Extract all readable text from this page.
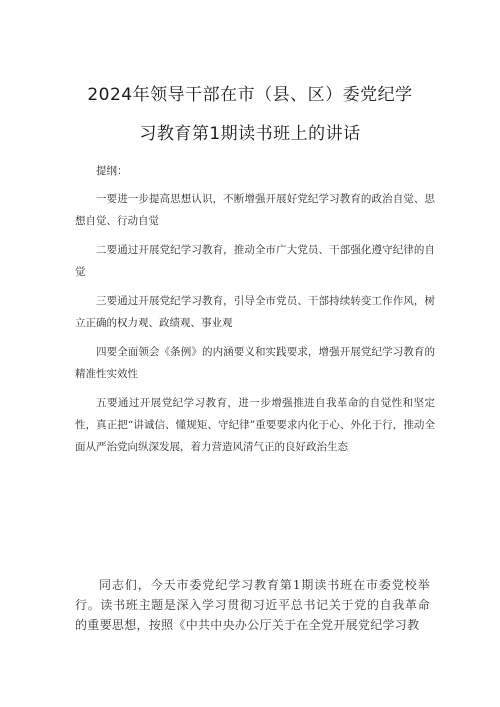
2024年领导干部在市（县、区）委党纪学
习教育第1期读书班上的讲话

提纲：

一要进一步提高思想认识，不断增强开展好党纪学习教育的政治自觉、思想自觉、行动自觉

二要通过开展党纪学习教育，推动全市广大党员、干部强化遵守纪律的自觉

三要通过开展党纪学习教育，引导全市党员、干部持续转变工作作风，树立正确的权力观、政绩观、事业观

四要全面领会《条例》的内涵要义和实践要求，增强开展党纪学习教育的精准性实效性

五要通过开展党纪学习教育，进一步增强推进自我革命的自觉性和坚定性，真正把“讲诚信、懂规矩、守纪律”重要要求内化于心、外化于行，推动全面从严治党向纵深发展，着力营造风清气正的良好政治生态

同志们，今天市委党纪学习教育第1期读书班在市委党校举行。读书班主题是深入学习贯彻习近平总书记关于党的自我革命的重要思想，按照《中共中央办公厅关于在全党开展党纪学习教
